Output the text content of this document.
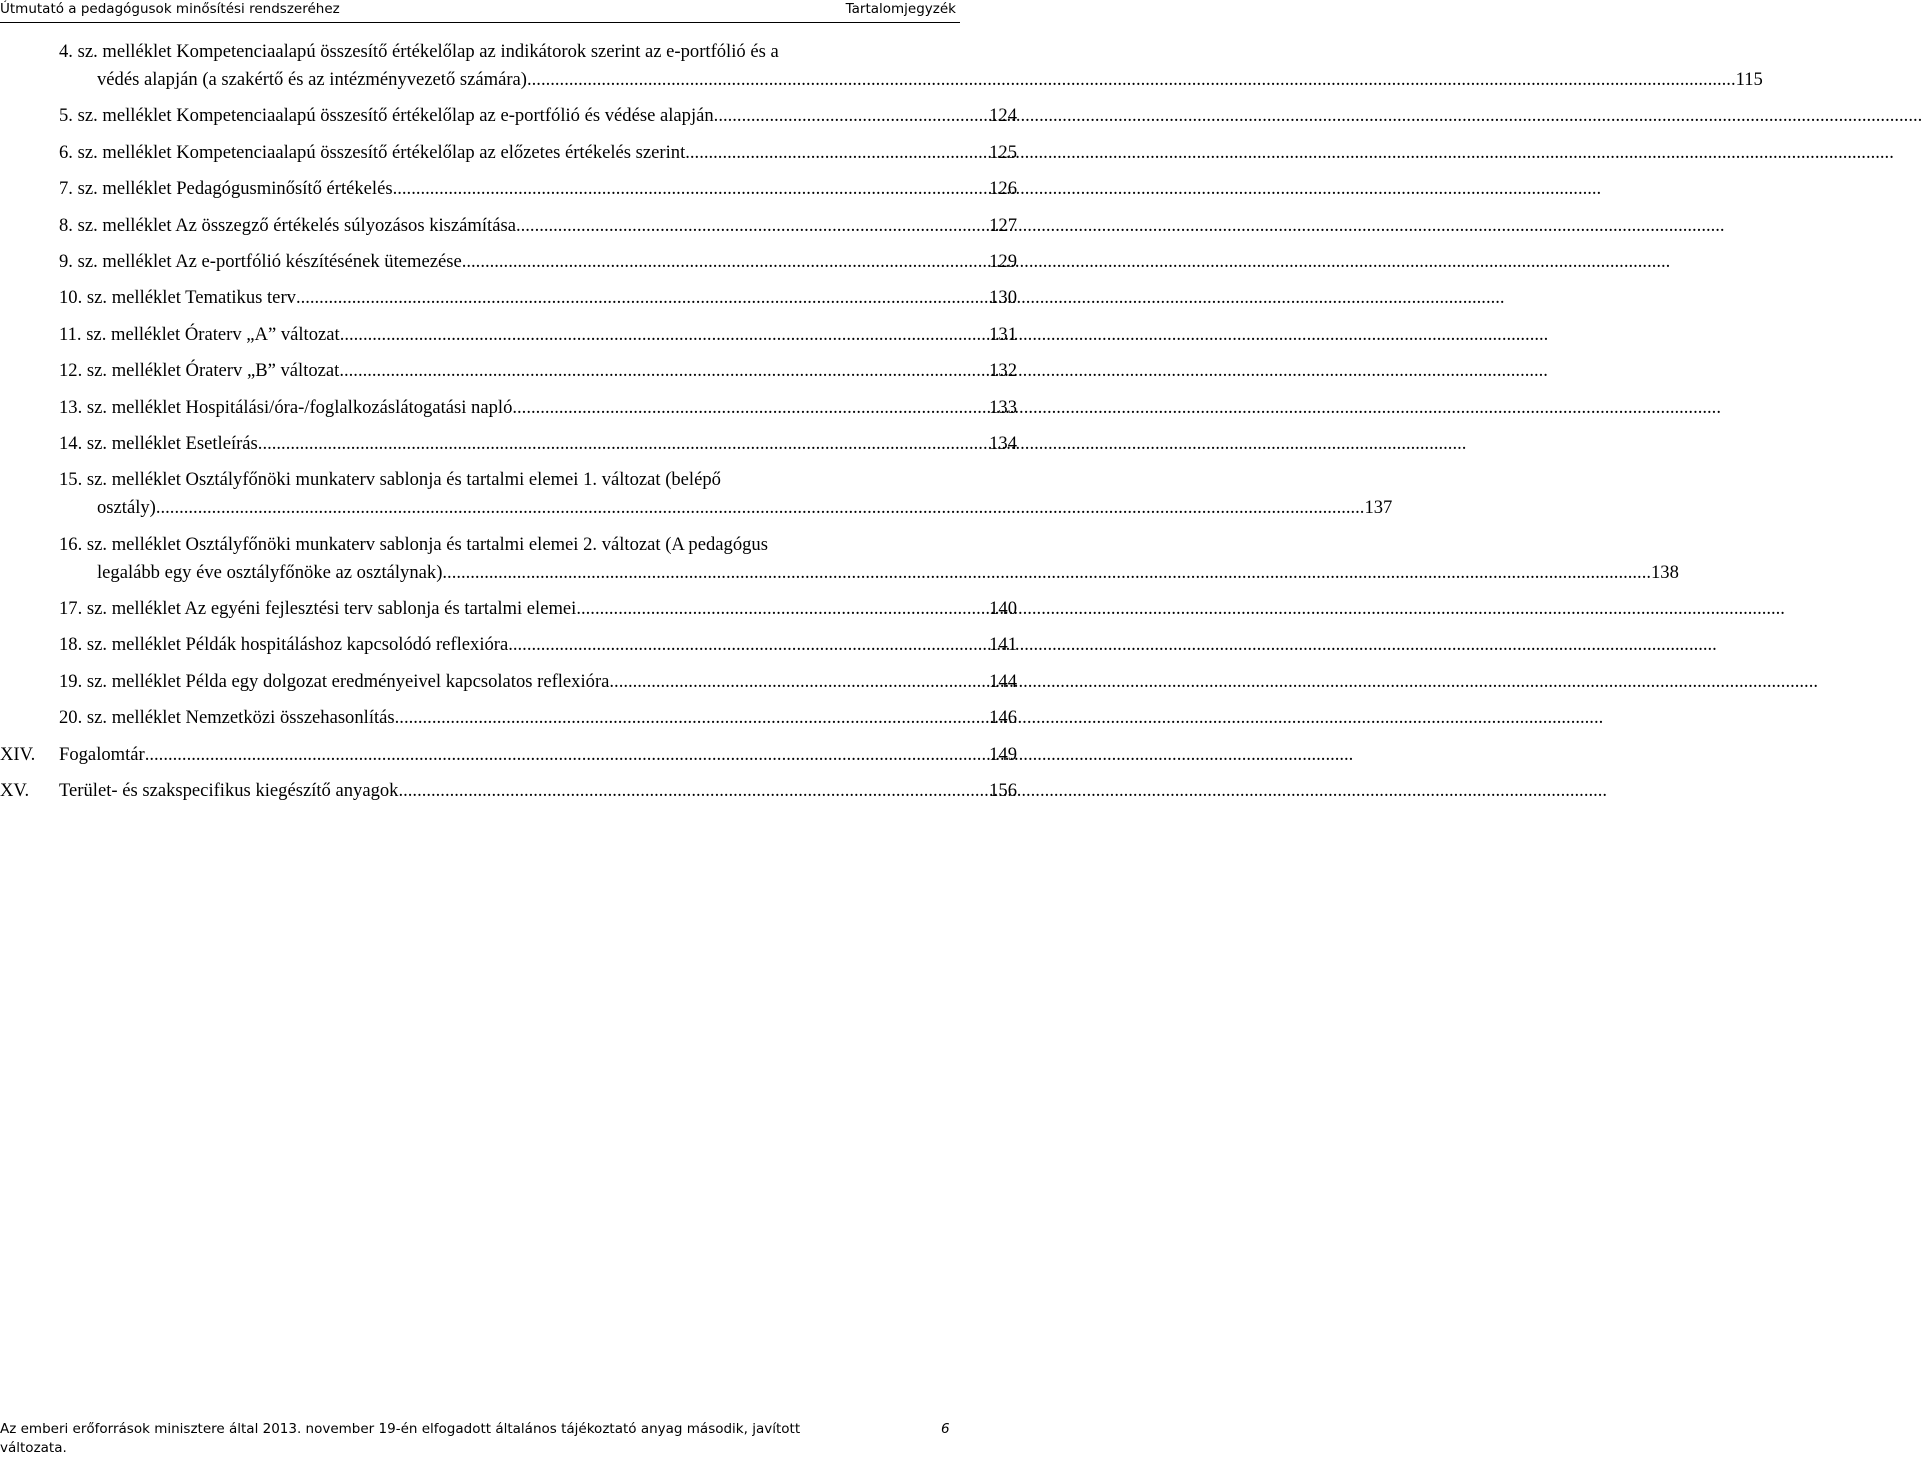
Útmutató a pedagógusok minősítési rendszeréhez	Tartalomjegyzék
4. sz. melléklet Kompetenciaalapú összesítő értékelőlap az indikátorok szerint az e-portfólió és a
védés alapján (a szakértő és az intézményvezető számára) .....	115
5. sz. melléklet Kompetenciaalapú összesítő értékelőlap az e-portfólió és védése alapján .....	124
6. sz. melléklet Kompetenciaalapú összesítő értékelőlap az előzetes értékelés szerint .....	125
7. sz. melléklet Pedagógusminősítő értékelés .....	126
8. sz. melléklet Az összegző értékelés súlyozásos kiszámítása .....	127
9. sz. melléklet Az e-portfólió készítésének ütemezése .....	129
10. sz. melléklet Tematikus terv .....	130
11. sz. melléklet Óraterv „A” változat .....	131
12. sz. melléklet Óraterv „B” változat .....	132
13. sz. melléklet Hospitálási/óra-/foglalkozáslátogatási napló .....	133
14. sz. melléklet Esetleírás .....	134
15. sz. melléklet Osztályfőnöki munkaterv sablonja és tartalmi elemei 1. változat (belépő
osztály) .....	137
16. sz. melléklet Osztályfőnöki munkaterv sablonja és tartalmi elemei 2. változat (A pedagógus
legalább egy éve osztályfőnöke az osztálynak) .....	138
17. sz. melléklet Az egyéni fejlesztési terv sablonja és tartalmi elemei .....	140
18. sz. melléklet Példák hospitáláshoz kapcsolódó reflexióra .....	141
19. sz. melléklet Példa egy dolgozat eredményeivel kapcsolatos reflexióra .....	144
20. sz. melléklet Nemzetközi összehasonlítás .....	146
XIV. Fogalomtár .....	149
XV. Terület- és szakspecifikus kiegészítő anyagok .....	156
Az emberi erőforrások minisztere által 2013. november 19-én elfogadott általános tájékoztató anyag második, javított változata.
6
